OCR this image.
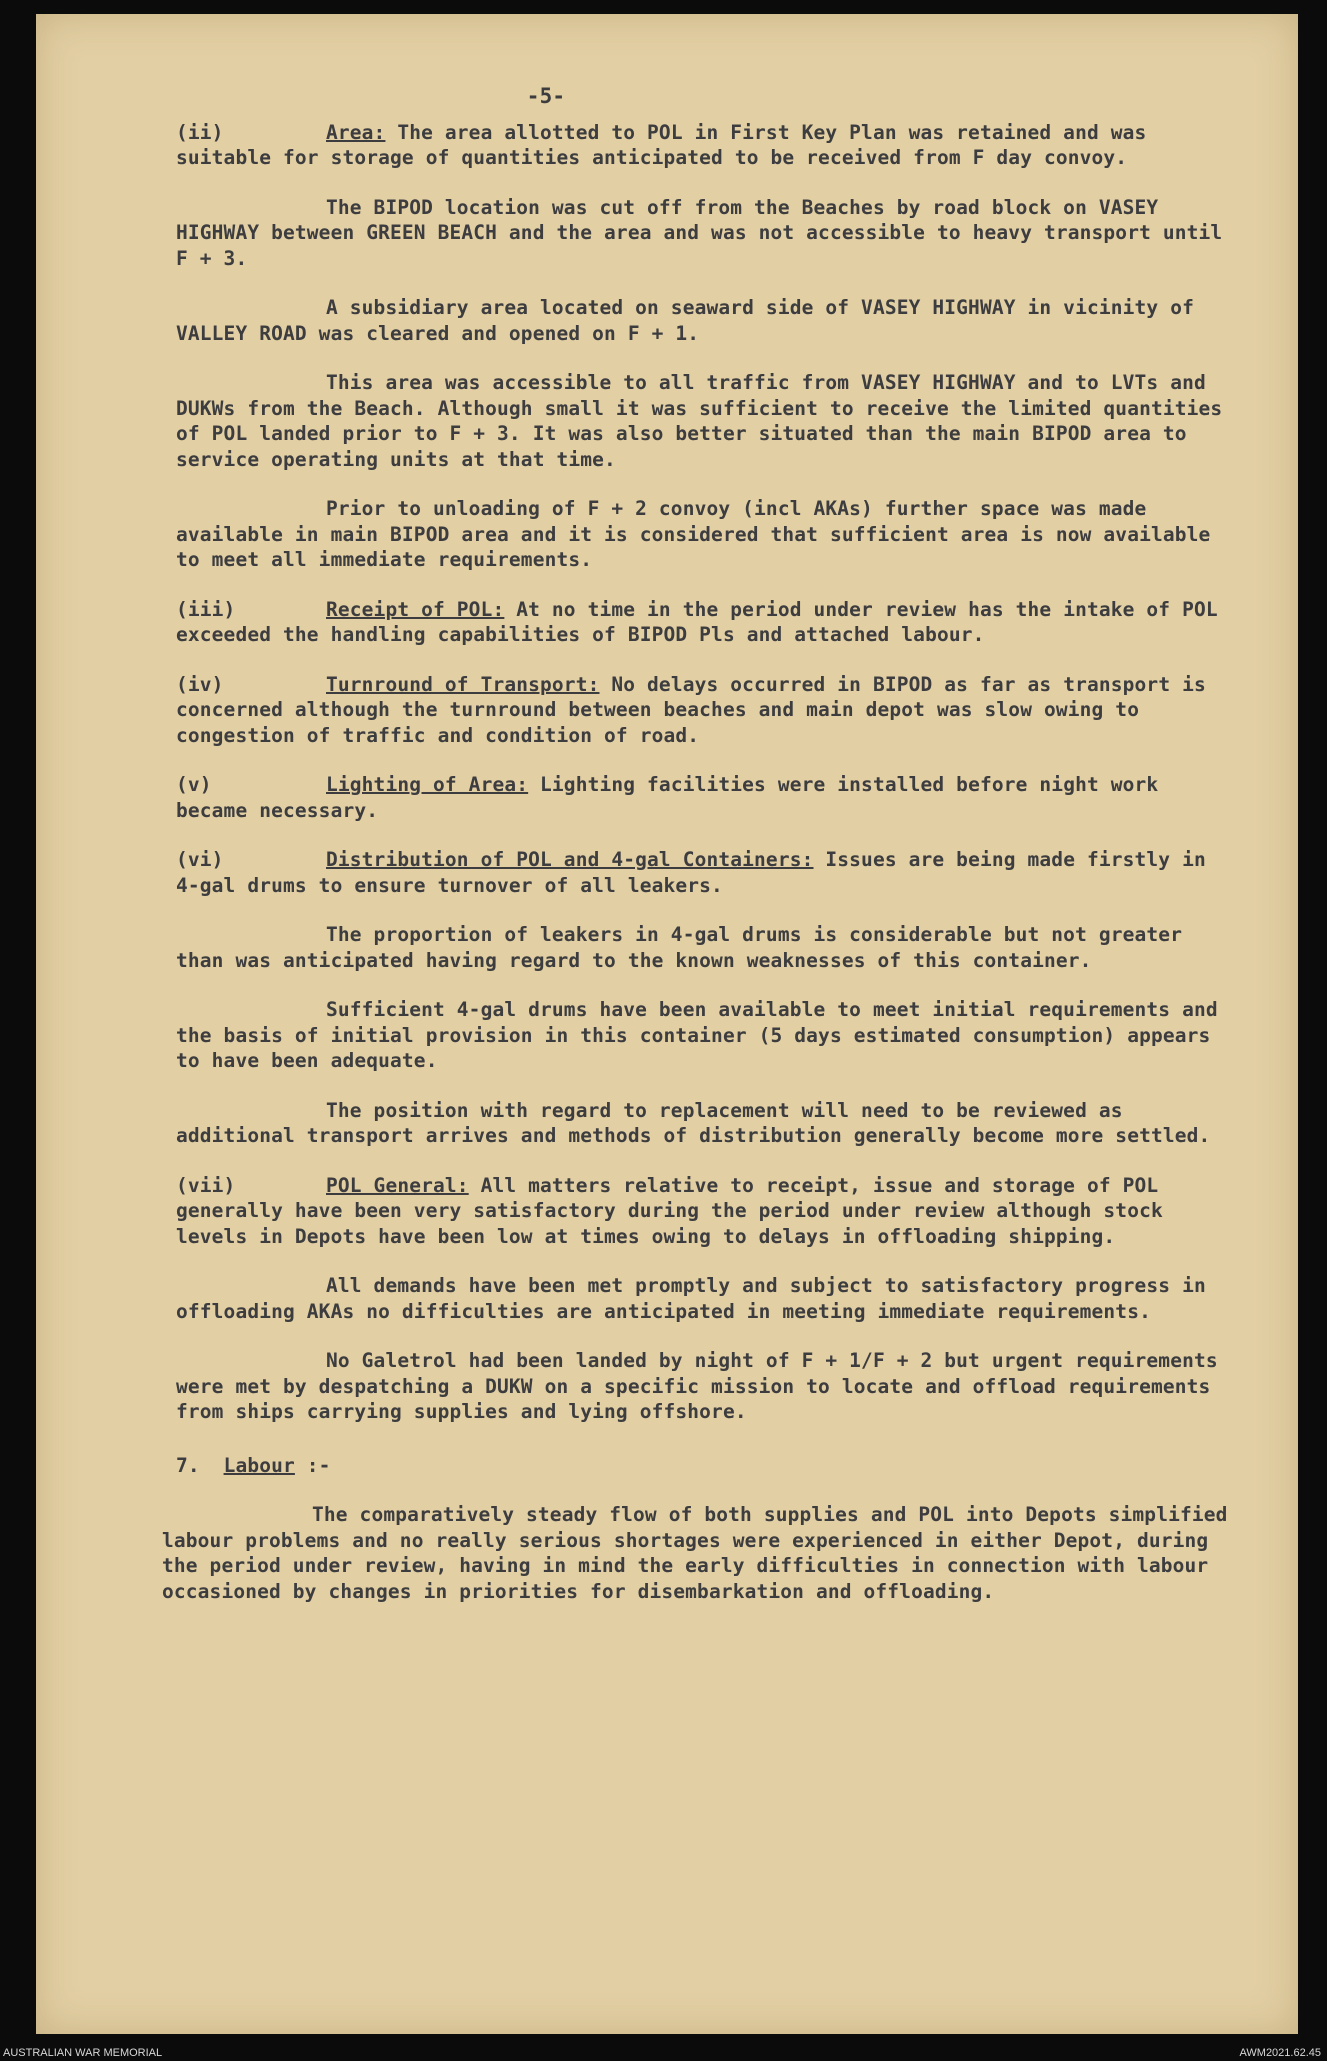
-5-

(ii)	Area: The area allotted to POL in First Key Plan was retained and was suitable for storage of quantities anticipated to be received from F day convoy.

The BIPOD location was cut off from the Beaches by road block on VASEY HIGHWAY between GREEN BEACH and the area and was not accessible to heavy transport until F + 3.

A subsidiary area located on seaward side of VASEY HIGHWAY in vicinity of VALLEY ROAD was cleared and opened on F + 1.

This area was accessible to all traffic from VASEY HIGHWAY and to LVTs and DUKWs from the Beach. Although small it was sufficient to receive the limited quantities of POL landed prior to F + 3. It was also better situated than the main BIPOD area to service operating units at that time.

Prior to unloading of F + 2 convoy (incl AKAs) further space was made available in main BIPOD area and it is considered that sufficient area is now available to meet all immediate requirements.

(iii)	Receipt of POL: At no time in the period under review has the intake of POL exceeded the handling capabilities of BIPOD Pls and attached labour.

(iv)	Turnround of Transport: No delays occurred in BIPOD as far as transport is concerned although the turnround between beaches and main depot was slow owing to congestion of traffic and condition of road.

(v)	Lighting of Area: Lighting facilities were installed before night work became necessary.

(vi)	Distribution of POL and 4-gal Containers: Issues are being made firstly in 4-gal drums to ensure turnover of all leakers.

The proportion of leakers in 4-gal drums is considerable but not greater than was anticipated having regard to the known weaknesses of this container.

Sufficient 4-gal drums have been available to meet initial requirements and the basis of initial provision in this container (5 days estimated consumption) appears to have been adequate.

The position with regard to replacement will need to be reviewed as additional transport arrives and methods of distribution generally become more settled.

(vii)	POL General: All matters relative to receipt, issue and storage of POL generally have been very satisfactory during the period under review although stock levels in Depots have been low at times owing to delays in offloading shipping.

All demands have been met promptly and subject to satisfactory progress in offloading AKAs no difficulties are anticipated in meeting immediate requirements.

No Galetrol had been landed by night of F + 1/F + 2 but urgent requirements were met by despatching a DUKW on a specific mission to locate and offload requirements from ships carrying supplies and lying offshore.

7. Labour :-

The comparatively steady flow of both supplies and POL into Depots simplified labour problems and no really serious shortages were experienced in either Depot, during the period under review, having in mind the early difficulties in connection with labour occasioned by changes in priorities for disembarkation and offloading.

AUSTRALIAN WAR MEMORIAL	AWM2021.62.45
